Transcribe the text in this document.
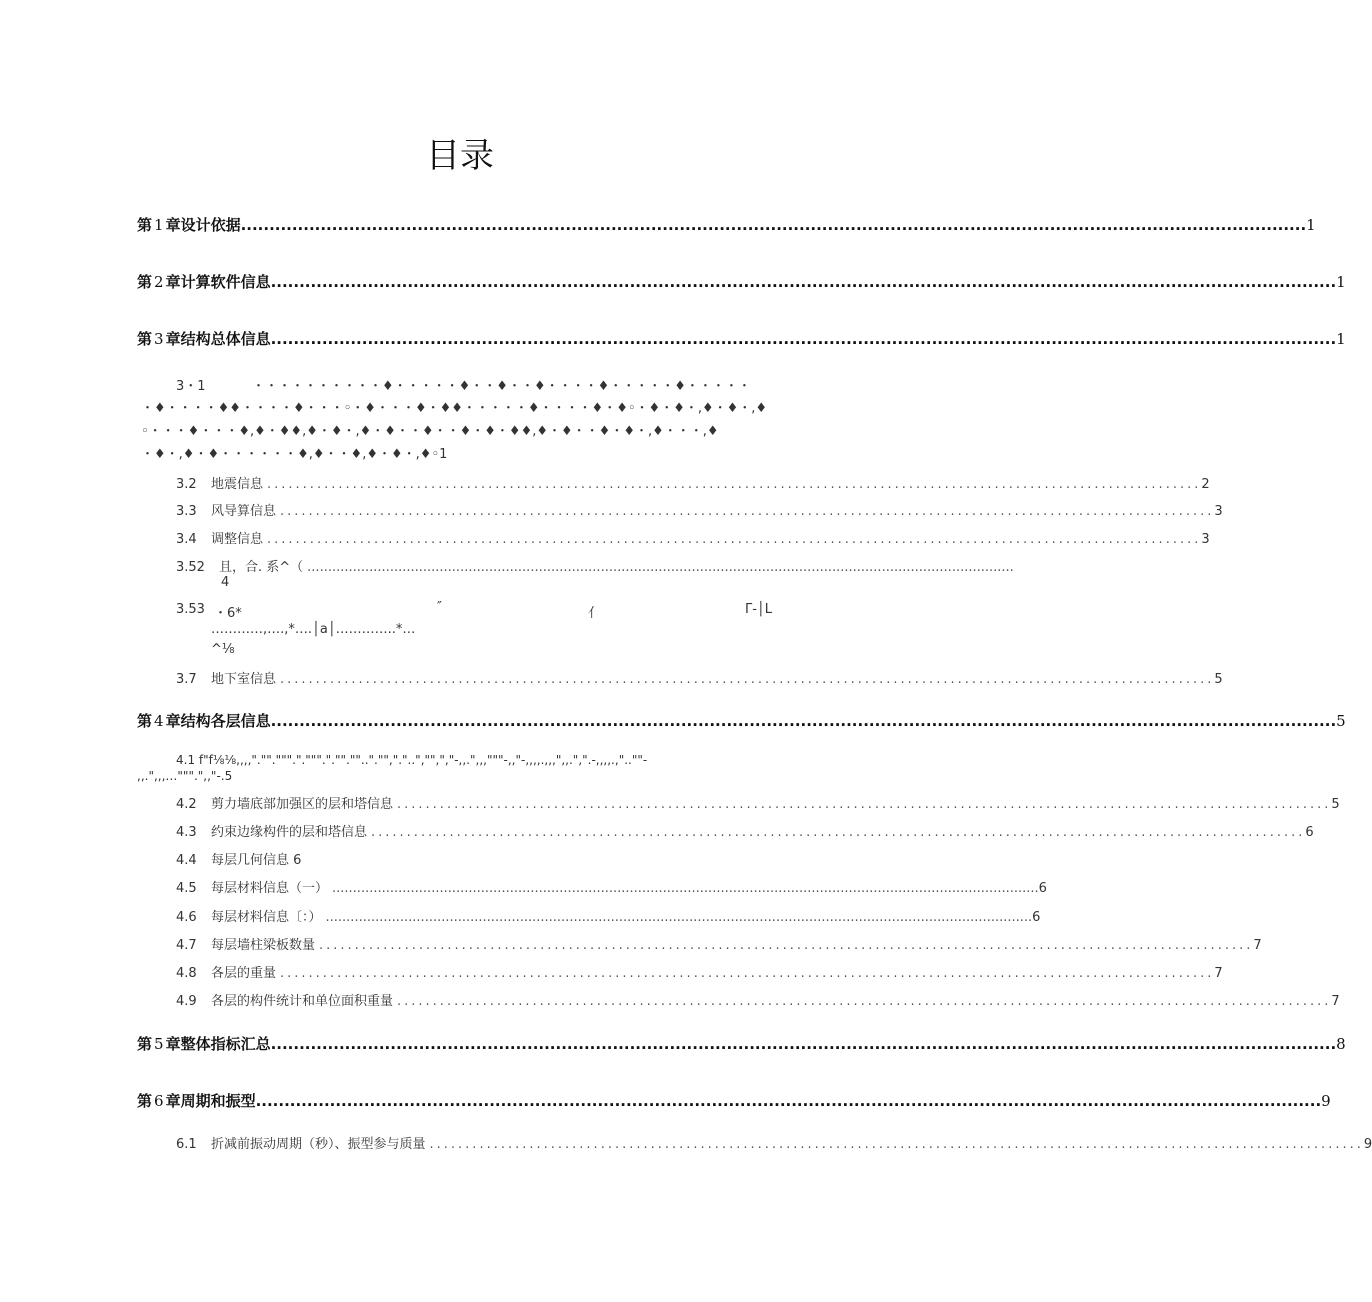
目录
第 1 章设计依据 ........................................................................................................................................................................................... 1
第 2 章计算软件信息 ........................................................................................................................................................................................... 1
第 3 章结构总体信息 ........................................................................................................................................................................................... 1
3・1	・・・・・・・・・・♦・・・・・♦・・♦・・♦・・・・♦・・・・・♦・・・・・
・♦・・・・♦♦・・・・♦・・・◦・♦・・・♦・♦♦・・・・・♦・・・・♦・♦◦・♦・♦・,♦・♦・,♦
◦・・・♦・・・♦,♦・♦♦,♦・♦・,♦・♦・・♦・・♦・♦・♦♦,♦・♦・・♦・♦・,♦・・・,♦
・♦・,♦・♦・・・・・・♦,♦・・♦,♦・♦・,♦◦1
3.2	地震信息 ................................................................................................................................... 2
3.3	风导算信息 ................................................................................................................................... 3
3.4	调整信息 ................................................................................................................................... 3
3.52	且，合. 系^（ ...........................................................................................................................................................................
4
3.53 ・6*	″	亻	Γ-│L
…………,….,*….│a│…………..*…
^⅛
3.7	地下室信息 ................................................................................................................................... 5
第 4 章结构各层信息 ........................................................................................................................................................................................... 5
4.1 f"f⅛⅛,,,,"."".""".".""".".""."".."."","."..","",","-,,.",,,"""-,,"-,,,,.,,,",,.",".-,,,,.,"..""-
,,.",,,…""".",,"-.5
4.2	剪力墙底部加强区的层和塔信息 ................................................................................................................................... 5
4.3	约束边缘构件的层和塔信息 ................................................................................................................................... 6
4.4	每层几何信息 6
4.5	每层材料信息（一） ........................................................................................................................................................................... 6
4.6	每层材料信息〔：） ........................................................................................................................................................................... 6
4.7	每层墙柱梁板数量 ................................................................................................................................... 7
4.8	各层的重量 ................................................................................................................................... 7
4.9	各层的构件统计和单位面积重量 ................................................................................................................................... 7
第 5 章整体指标汇总 ........................................................................................................................................................................................... 8
第 6 章周期和振型 ........................................................................................................................................................................................... 9
6.1	折减前振动周期（秒）、振型参与质量 ................................................................................................................................... 9
